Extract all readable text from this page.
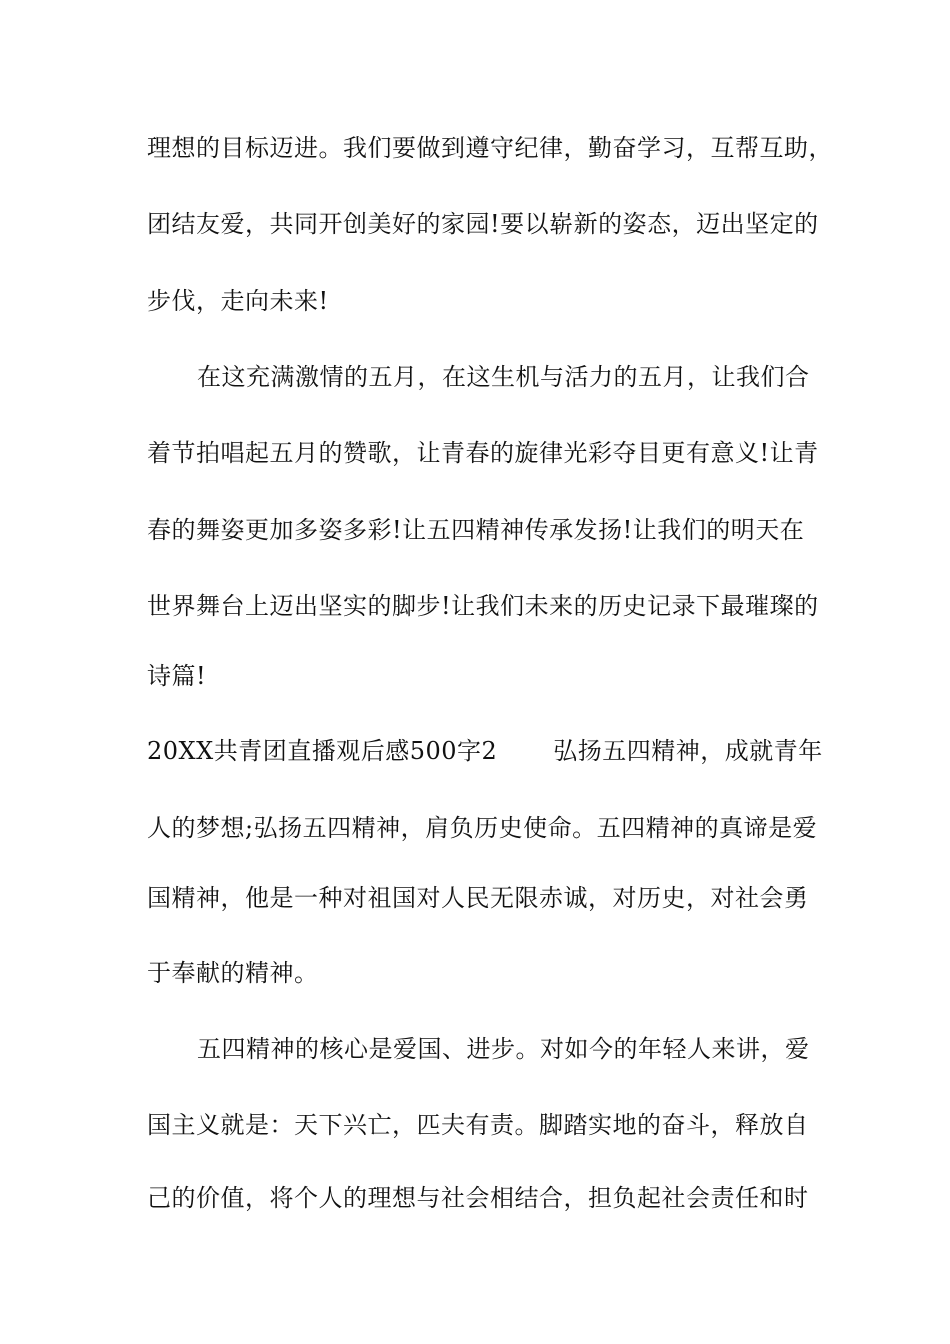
理想的目标迈进。我们要做到遵守纪律，勤奋学习，互帮互助，
团结友爱，共同开创美好的家园!要以崭新的姿态，迈出坚定的
步伐，走向未来!
在这充满激情的五月，在这生机与活力的五月，让我们合
着节拍唱起五月的赞歌，让青春的旋律光彩夺目更有意义!让青
春的舞姿更加多姿多彩!让五四精神传承发扬!让我们的明天在
世界舞台上迈出坚实的脚步!让我们未来的历史记录下最璀璨的
诗篇!
20XX共青团直播观后感500字2 弘扬五四精神，成就青年
人的梦想;弘扬五四精神，肩负历史使命。五四精神的真谛是爱
国精神，他是一种对祖国对人民无限赤诚，对历史，对社会勇
于奉献的精神。
五四精神的核心是爱国、进步。对如今的年轻人来讲，爱
国主义就是：天下兴亡，匹夫有责。脚踏实地的奋斗，释放自
己的价值，将个人的理想与社会相结合，担负起社会责任和时
